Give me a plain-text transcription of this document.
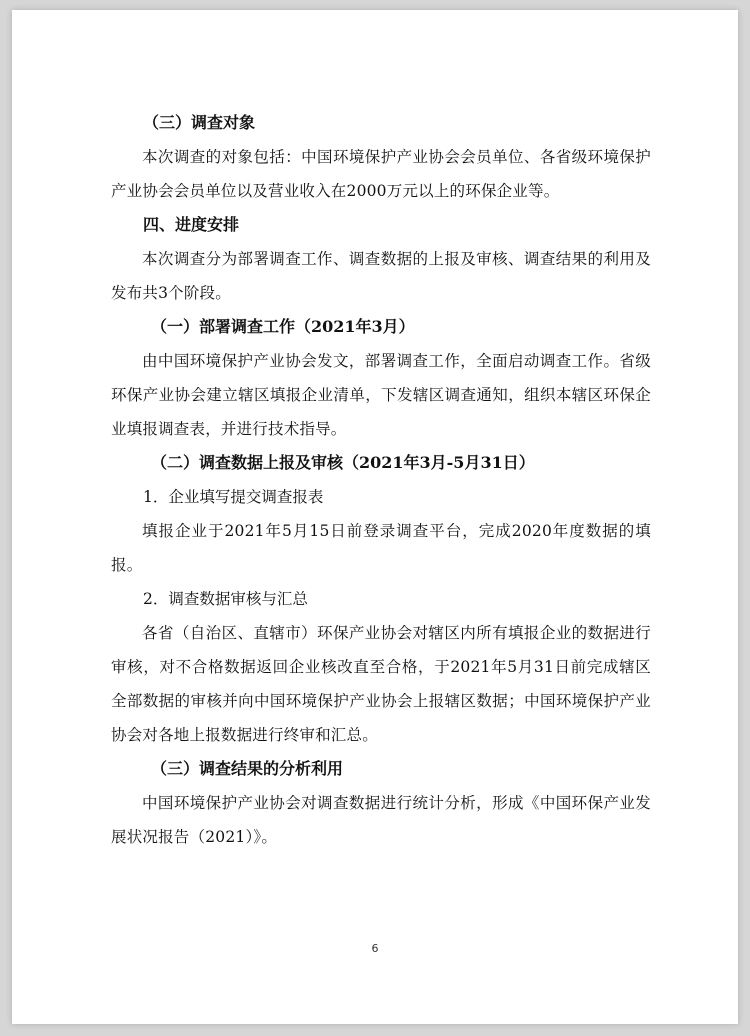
（三）调查对象
本次调查的对象包括：中国环境保护产业协会会员单位、各省级环境保护产业协会会员单位以及营业收入在2000万元以上的环保企业等。
四、进度安排
本次调查分为部署调查工作、调查数据的上报及审核、调查结果的利用及发布共3个阶段。
（一）部署调查工作（2021年3月）
由中国环境保护产业协会发文，部署调查工作，全面启动调查工作。省级环保产业协会建立辖区填报企业清单，下发辖区调查通知，组织本辖区环保企业填报调查表，并进行技术指导。
（二）调查数据上报及审核（2021年3月-5月31日）
1．企业填写提交调查报表
填报企业于2021年5月15日前登录调查平台，完成2020年度数据的填报。
2．调查数据审核与汇总
各省（自治区、直辖市）环保产业协会对辖区内所有填报企业的数据进行审核，对不合格数据返回企业核改直至合格，于2021年5月31日前完成辖区全部数据的审核并向中国环境保护产业协会上报辖区数据；中国环境保护产业协会对各地上报数据进行终审和汇总。
（三）调查结果的分析利用
中国环境保护产业协会对调查数据进行统计分析，形成《中国环保产业发展状况报告（2021）》。
6
